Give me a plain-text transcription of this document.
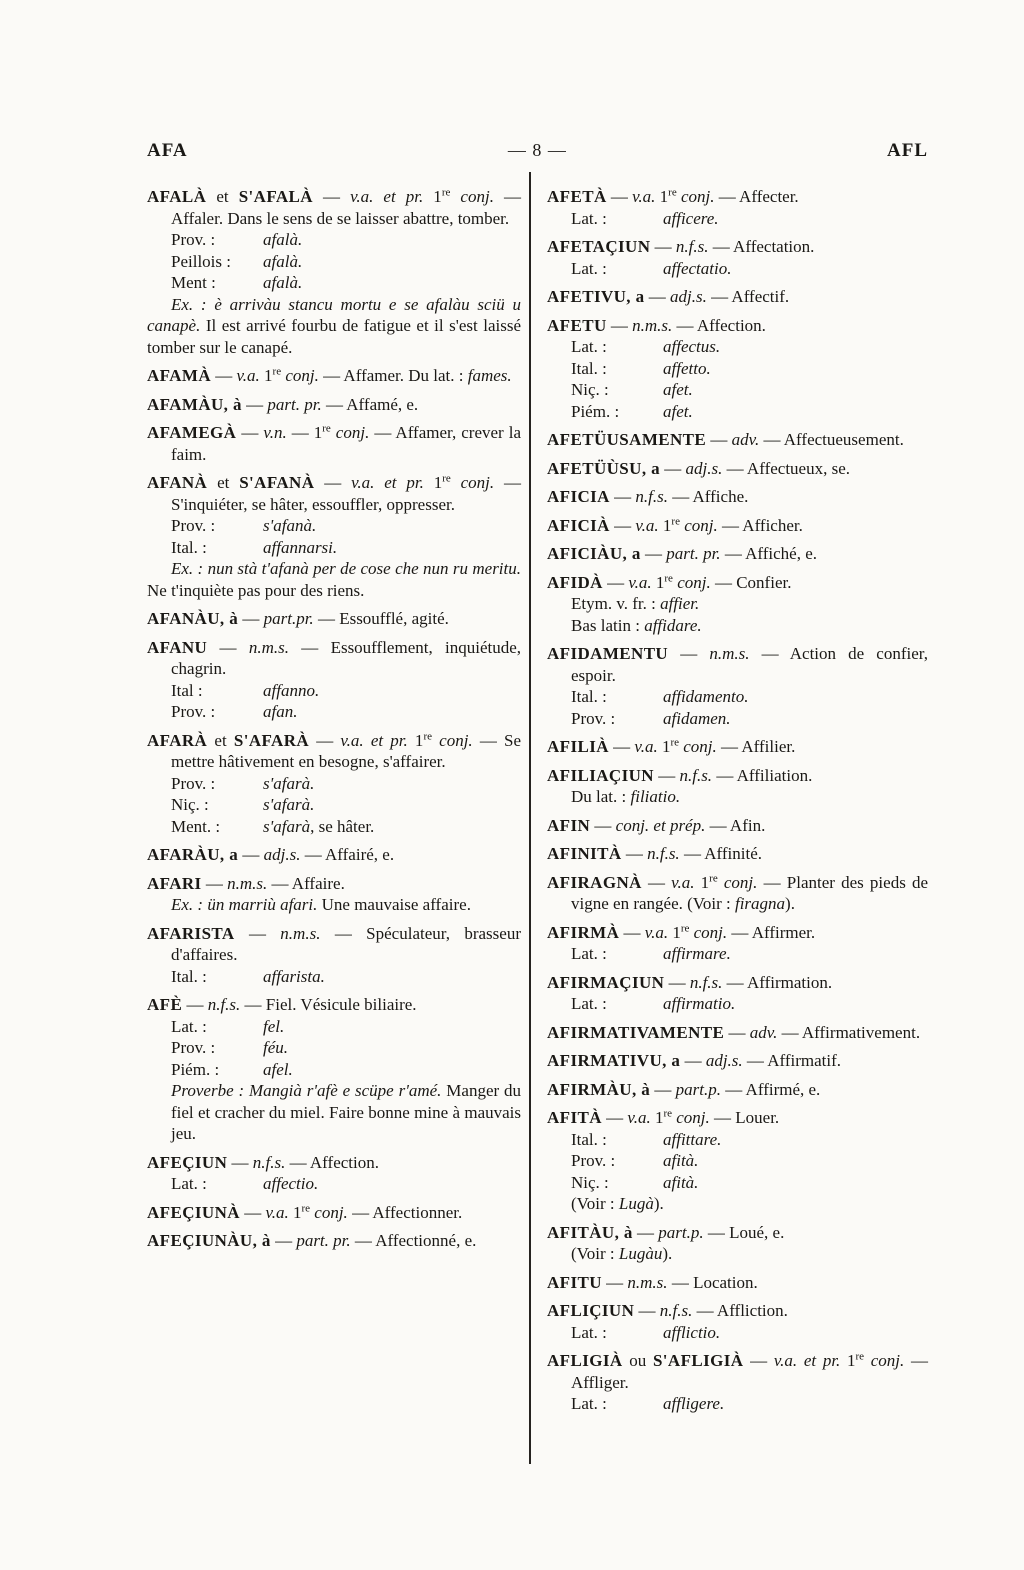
AFA	— 8 —	AFL

AFALÀ et S'AFALÀ — v.a. et pr. 1re conj. — Affaler. Dans le sens de se laisser abattre, tomber.

Prov. :	afalà.

Peillois : afalà.

Ment :	afalà.

Ex. : è arrivàu stancu mortu e se afalàu sciü u canapè. Il est arrivé fourbu de fatigue et il s'est laissé tomber sur le canapé.

AFAMÀ — v.a. 1re conj. — Affamer. Du lat. : fames.

AFAMÀU, à — part. pr. — Affamé, e.

AFAMEGÀ — v.n. — 1re conj. — Affamer, crever la faim.

AFANÀ et S'AFANÀ — v.a. et pr. 1re conj. — S'inquiéter, se hâter, essouffler, oppresser.

Prov. :	s'afanà.

Ital. :	affannarsi.

Ex. : nun stà t'afanà per de cose che nun ru meritu. Ne t'inquiète pas pour des riens.

AFANÀU, à — part.pr. — Essoufflé, agité.

AFANU — n.m.s. — Essoufflement, inquiétude, chagrin.

Ital :	affanno.

Prov. :	afan.

AFARÀ et S'AFARÀ — v.a. et pr. 1re conj. — Se mettre hâtivement en besogne, s'affairer.

Prov. :	s'afarà.

Niç. :	s'afarà.

Ment. :	s'afarà, se hâter.

AFARÀU, a — adj.s. — Affairé, e.

AFARI — n.m.s. — Affaire.

Ex. : ün marriù afari. Une mauvaise affaire.

AFARISTA — n.m.s. — Spéculateur, brasseur d'affaires.

Ital. :	affarista.

AFÈ — n.f.s. — Fiel. Vésicule biliaire.

Lat. :	fel.

Prov. :	féu.

Piém. :	afel.

Proverbe : Mangià r'afè e scüpe r'amé. Manger du fiel et cracher du miel. Faire bonne mine à mauvais jeu.

AFEÇIUN — n.f.s. — Affection.

Lat. :	affectio.

AFEÇIUNÀ — v.a. 1re conj. — Affectionner.

AFEÇIUNÀU, à — part. pr. — Affectionné, e.

AFETÀ — v.a. 1re conj. — Affecter.

Lat. :	afficere.

AFETAÇIUN — n.f.s. — Affectation.

Lat. :	affectatio.

AFETIVU, a — adj.s. — Affectif.

AFETU — n.m.s. — Affection.

Lat. :	affectus.

Ital. :	affetto.

Niç. :	afet.

Piém. :	afet.

AFETÜUSAMENTE — adv. — Affectueusement.

AFETÜÙSU, a — adj.s. — Affectueux, se.

AFICIA — n.f.s. — Affiche.

AFICIÀ — v.a. 1re conj. — Afficher.

AFICIÀU, a — part. pr. — Affiché, e.

AFIDÀ — v.a. 1re conj. — Confier.

Etym. v. fr. : affier.

Bas latin : affidare.

AFIDAMENTU — n.m.s. — Action de confier, espoir.

Ital. :	affidamento.

Prov. :	afidamen.

AFILIÀ — v.a. 1re conj. — Affilier.

AFILIAÇIUN — n.f.s. — Affiliation.

Du lat. : filiatio.

AFIN — conj. et prép. — Afin.

AFINITÀ — n.f.s. — Affinité.

AFIRAGNÀ — v.a. 1re conj. — Planter des pieds de vigne en rangée. (Voir : firagna).

AFIRMÀ — v.a. 1re conj. — Affirmer.

Lat. :	affirmare.

AFIRMAÇIUN — n.f.s. — Affirmation.

Lat. :	affirmatio.

AFIRMATIVAMENTE — adv. — Affirmativement.

AFIRMATIVU, a — adj.s. — Affirmatif.

AFIRMÀU, à — part.p. — Affirmé, e.

AFITÀ — v.a. 1re conj. — Louer.

Ital. :	affittare.

Prov. :	afità.

Niç. :	afità.

(Voir : Lugà).

AFITÀU, à — part.p. — Loué, e.

(Voir : Lugàu).

AFITU — n.m.s. — Location.

AFLIÇIUN — n.f.s. — Affliction.

Lat. :	afflictio.

AFLIGIÀ ou S'AFLIGIÀ — v.a. et pr. 1re conj. — Affliger.

Lat. :	affligere.
